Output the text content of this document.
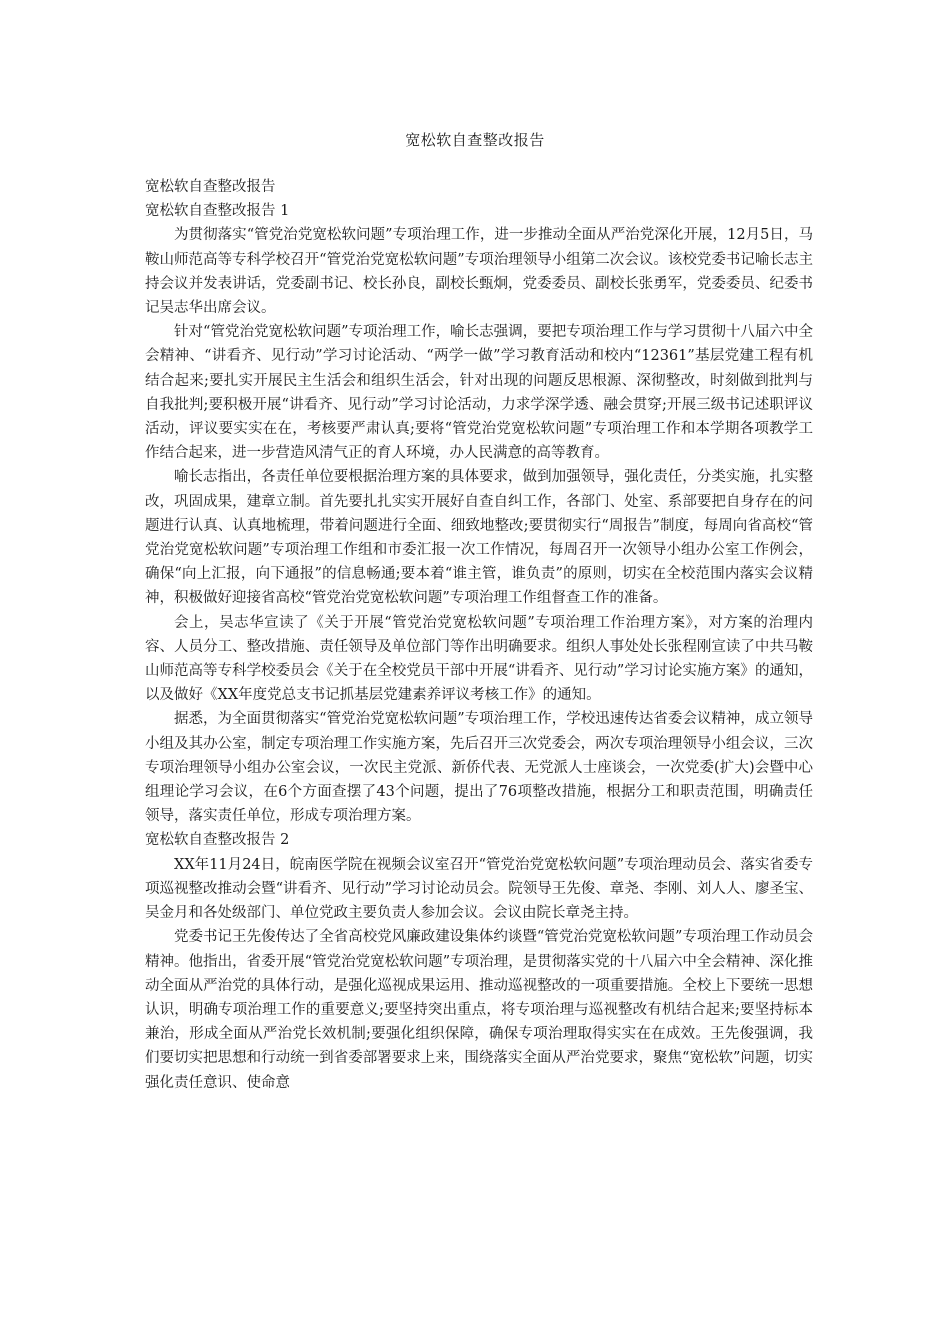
宽松软自查整改报告
宽松软自查整改报告
宽松软自查整改报告 1

为贯彻落实“管党治党宽松软问题”专项治理工作，进一步推动全面从严治党深化开展，12月5日，马鞍山师范高等专科学校召开“管党治党宽松软问题”专项治理领导小组第二次会议。该校党委书记喻长志主持会议并发表讲话，党委副书记、校长孙良，副校长甄炯，党委委员、副校长张勇军，党委委员、纪委书记吴志华出席会议。

针对“管党治党宽松软问题”专项治理工作，喻长志强调，要把专项治理工作与学习贯彻十八届六中全会精神、“讲看齐、见行动”学习讨论活动、“两学一做”学习教育活动和校内“12361”基层党建工程有机结合起来;要扎实开展民主生活会和组织生活会，针对出现的问题反思根源、深彻整改，时刻做到批判与自我批判;要积极开展“讲看齐、见行动”学习讨论活动，力求学深学透、融会贯穿;开展三级书记述职评议活动，评议要实实在在，考核要严肃认真;要将“管党治党宽松软问题”专项治理工作和本学期各项教学工作结合起来，进一步营造风清气正的育人环境，办人民满意的高等教育。

喻长志指出，各责任单位要根据治理方案的具体要求，做到加强领导，强化责任，分类实施，扎实整改，巩固成果，建章立制。首先要扎扎实实开展好自查自纠工作，各部门、处室、系部要把自身存在的问题进行认真、认真地梳理，带着问题进行全面、细致地整改;要贯彻实行“周报告”制度，每周向省高校“管党治党宽松软问题”专项治理工作组和市委汇报一次工作情况，每周召开一次领导小组办公室工作例会，确保“向上汇报，向下通报”的信息畅通;要本着“谁主管，谁负责”的原则，切实在全校范围内落实会议精神，积极做好迎接省高校“管党治党宽松软问题”专项治理工作组督查工作的准备。

会上，吴志华宣读了《关于开展“管党治党宽松软问题”专项治理工作治理方案》，对方案的治理内容、人员分工、整改措施、责任领导及单位部门等作出明确要求。组织人事处处长张程刚宣读了中共马鞍山师范高等专科学校委员会《关于在全校党员干部中开展“讲看齐、见行动”学习讨论实施方案》的通知，以及做好《XX年度党总支书记抓基层党建素养评议考核工作》的通知。

据悉，为全面贯彻落实“管党治党宽松软问题”专项治理工作，学校迅速传达省委会议精神，成立领导小组及其办公室，制定专项治理工作实施方案，先后召开三次党委会，两次专项治理领导小组会议，三次专项治理领导小组办公室会议，一次民主党派、新侨代表、无党派人士座谈会，一次党委(扩大)会暨中心组理论学习会议，在6个方面查摆了43个问题，提出了76项整改措施，根据分工和职责范围，明确责任领导，落实责任单位，形成专项治理方案。

宽松软自查整改报告 2

XX年11月24日，皖南医学院在视频会议室召开“管党治党宽松软问题”专项治理动员会、落实省委专项巡视整改推动会暨“讲看齐、见行动”学习讨论动员会。院领导王先俊、章尧、李刚、刘人人、廖圣宝、吴金月和各处级部门、单位党政主要负责人参加会议。会议由院长章尧主持。

党委书记王先俊传达了全省高校党风廉政建设集体约谈暨“管党治党宽松软问题”专项治理工作动员会精神。他指出，省委开展“管党治党宽松软问题”专项治理，是贯彻落实党的十八届六中全会精神、深化推动全面从严治党的具体行动，是强化巡视成果运用、推动巡视整改的一项重要措施。全校上下要统一思想认识，明确专项治理工作的重要意义;要坚持突出重点，将专项治理与巡视整改有机结合起来;要坚持标本兼治，形成全面从严治党长效机制;要强化组织保障，确保专项治理取得实实在在成效。王先俊强调，我们要切实把思想和行动统一到省委部署要求上来，围绕落实全面从严治党要求，聚焦“宽松软”问题，切实强化责任意识、使命意
